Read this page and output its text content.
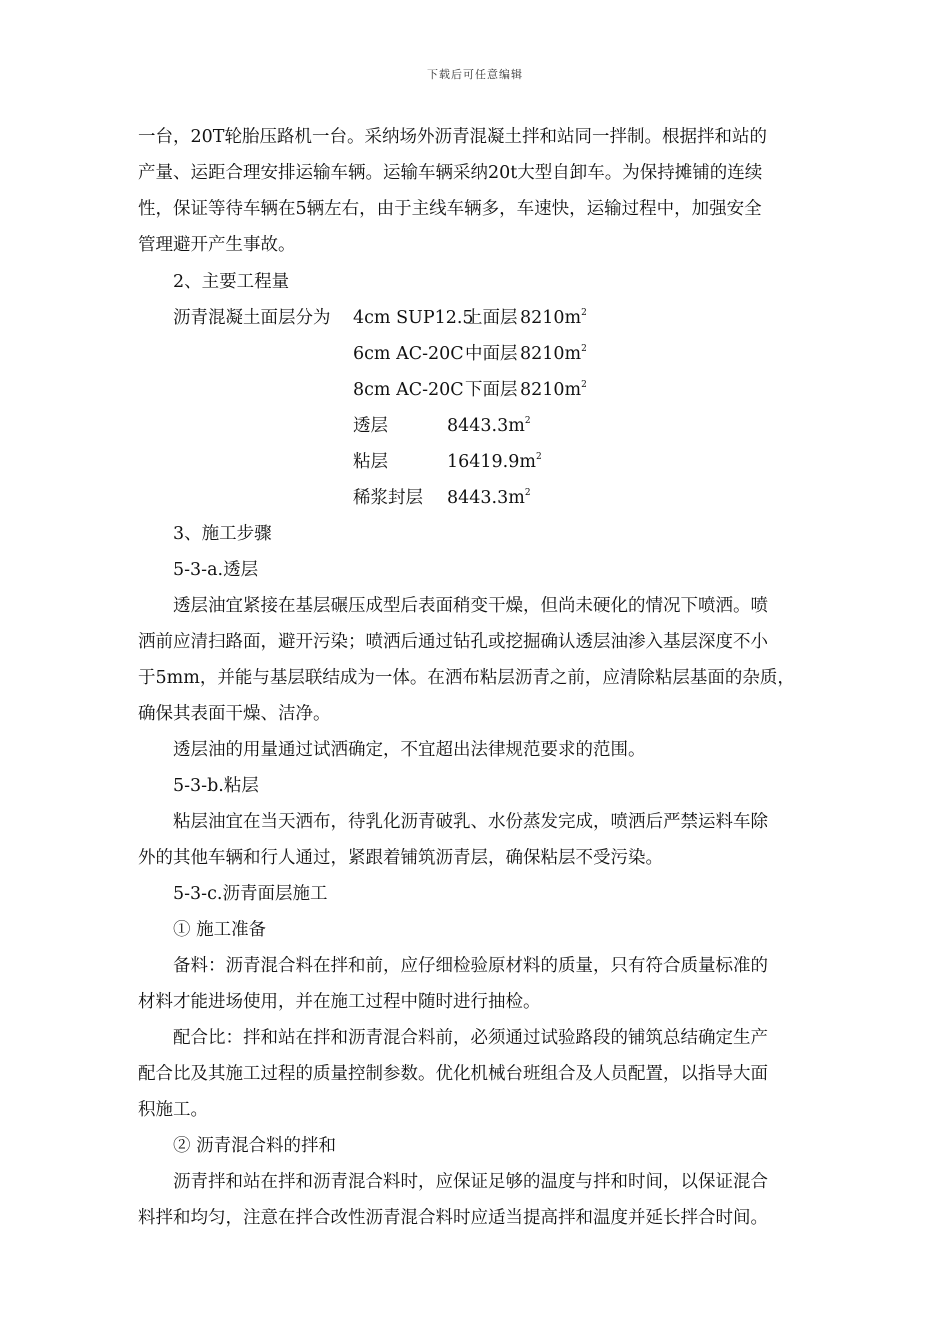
下载后可任意编辑
一台，20T轮胎压路机一台。采纳场外沥青混凝土拌和站同一拌制。根据拌和站的
产量、运距合理安排运输车辆。运输车辆采纳20t大型自卸车。为保持摊铺的连续
性，保证等待车辆在5辆左右，由于主线车辆多，车速快，运输过程中，加强安全
管理避开产生事故。
2、主要工程量
沥青混凝土面层分为 4cm SUP12.5
上面层 $8210m^2$
6cm AC-20C 中面层 $8210m^2$
8cm AC-20C 下面层 $8210m^2$
透层	$8443.3m^2$
粘层	$16419.9m^2$
稀浆封层 $8443.3m^2$
3、施工步骤
5-3-a.透层
透层油宜紧接在基层碾压成型后表面稍变干燥，但尚未硬化的情况下喷洒。喷
洒前应清扫路面，避开污染；喷洒后通过钻孔或挖掘确认透层油渗入基层深度不小
于5mm，并能与基层联结成为一体。在洒布粘层沥青之前，应清除粘层基面的杂质，
确保其表面干燥、洁净。
透层油的用量通过试洒确定，不宜超出法律规范要求的范围。
5-3-b.粘层
粘层油宜在当天洒布，待乳化沥青破乳、水份蒸发完成，喷洒后严禁运料车除
外的其他车辆和行人通过，紧跟着铺筑沥青层，确保粘层不受污染。
5-3-c.沥青面层施工
① 施工准备
备料：沥青混合料在拌和前，应仔细检验原材料的质量，只有符合质量标准的
材料才能进场使用，并在施工过程中随时进行抽检。
配合比：拌和站在拌和沥青混合料前，必须通过试验路段的铺筑总结确定生产
配合比及其施工过程的质量控制参数。优化机械台班组合及人员配置，以指导大面
积施工。
② 沥青混合料的拌和
沥青拌和站在拌和沥青混合料时，应保证足够的温度与拌和时间，以保证混合
料拌和均匀，注意在拌合改性沥青混合料时应适当提高拌和温度并延长拌合时间。
